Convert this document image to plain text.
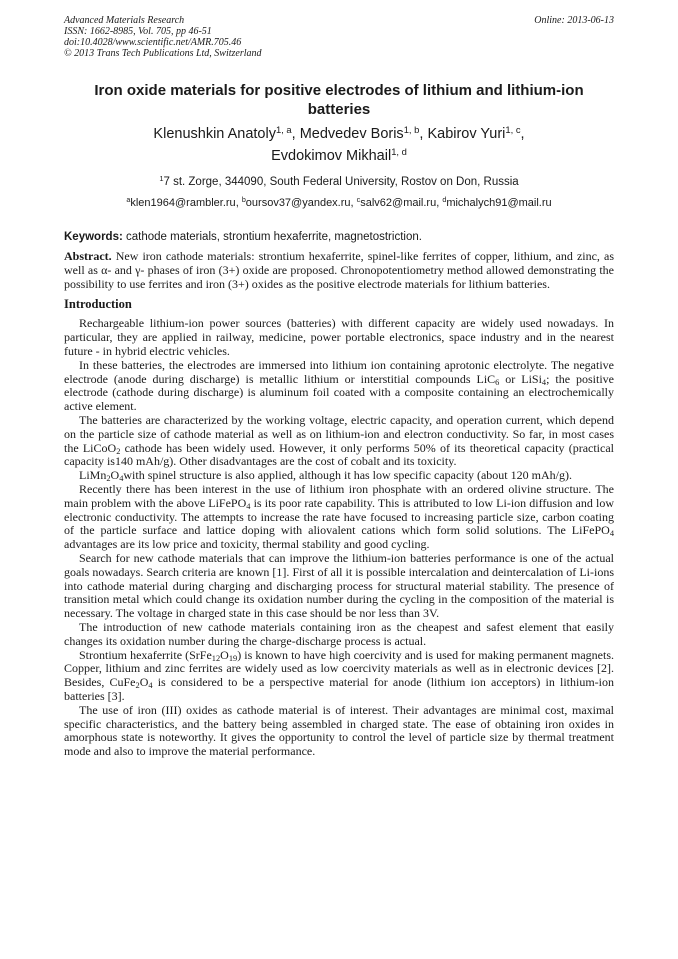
Advanced Materials Research
ISSN: 1662-8985, Vol. 705, pp 46-51
doi:10.4028/www.scientific.net/AMR.705.46
© 2013 Trans Tech Publications Ltd, Switzerland
Online: 2013-06-13
Iron oxide materials for positive electrodes of lithium and lithium-ion batteries
Klenushkin Anatoly$^{1, a}$, Medvedev Boris$^{1, b}$, Kabirov Yuri$^{1, c}$,
Evdokimov Mikhail$^{1, d}$
$^1$7 st. Zorge, 344090, South Federal University, Rostov on Don, Russia
$^a$klen1964@rambler.ru, $^b$oursov37@yandex.ru, $^c$salv62@mail.ru, $^d$michalych91@mail.ru
Keywords: cathode materials, strontium hexaferrite, magnetostriction.

Abstract. New iron cathode materials: strontium hexaferrite, spinel-like ferrites of copper, lithium, and zinc, as well as α- and γ- phases of iron (3+) oxide are proposed. Chronopotentiometry method allowed demonstrating the possibility to use ferrites and iron (3+) oxides as the positive electrode materials for lithium batteries.

Introduction

Rechargeable lithium-ion power sources (batteries) with different capacity are widely used nowadays. In particular, they are applied in railway, medicine, power portable electronics, space industry and in the nearest future - in hybrid electric vehicles.

In these batteries, the electrodes are immersed into lithium ion containing aprotonic electrolyte. The negative electrode (anode during discharge) is metallic lithium or interstitial compounds LiC$_6$ or LiSi$_4$; the positive electrode (cathode during discharge) is aluminum foil coated with a composite containing an electrochemically active element.

The batteries are characterized by the working voltage, electric capacity, and operation current, which depend on the particle size of cathode material as well as on lithium-ion and electron conductivity. So far, in most cases the LiCoO$_2$ cathode has been widely used. However, it only performs 50% of its theoretical capacity (practical capacity is140 mAh/g). Other disadvantages are the cost of cobalt and its toxicity.

$LiMn_2O_4with$ spinel structure is also applied, although it has low specific capacity (about 120 mAh/g).

Recently there has been interest in the use of lithium iron phosphate with an ordered olivine structure. The main problem with the above LiFePO$_4$ is its poor rate capability. This is attributed to low Li-ion diffusion and low electronic conductivity. The attempts to increase the rate have focused to increasing particle size, carbon coating of the particle surface and lattice doping with aliovalent cations which form solid solutions. The LiFePO$_4$ advantages are its low price and toxicity, thermal stability and good cycling.

Search for new cathode materials that can improve the lithium-ion batteries performance is one of the actual goals nowadays. Search criteria are known [1]. First of all it is possible intercalation and deintercalation of Li-ions into cathode material during charging and discharging process for structural material stability. The presence of transition metal which could change its oxidation number during the cycling in the composition of the material is necessary. The voltage in charged state in this case should be nor less than 3V.

The introduction of new cathode materials containing iron as the cheapest and safest element that easily changes its oxidation number during the charge-discharge process is actual.

Strontium hexaferrite $(SrFe_{12}O_{19})$ is known to have high coercivity and is used for making permanent magnets. Copper, lithium and zinc ferrites are widely used as low coercivity materials as well as in electronic devices [2]. Besides, $CuFe_2O_4$ is considered to be a perspective material for anode (lithium ion acceptors) in lithium-ion batteries [3].

The use of iron (III) oxides as cathode material is of interest. Their advantages are minimal cost, maximal specific characteristics, and the battery being assembled in charged state. The ease of obtaining iron oxides in amorphous state is noteworthy. It gives the opportunity to control the level of particle size by thermal treatment mode and also to improve the material performance.
